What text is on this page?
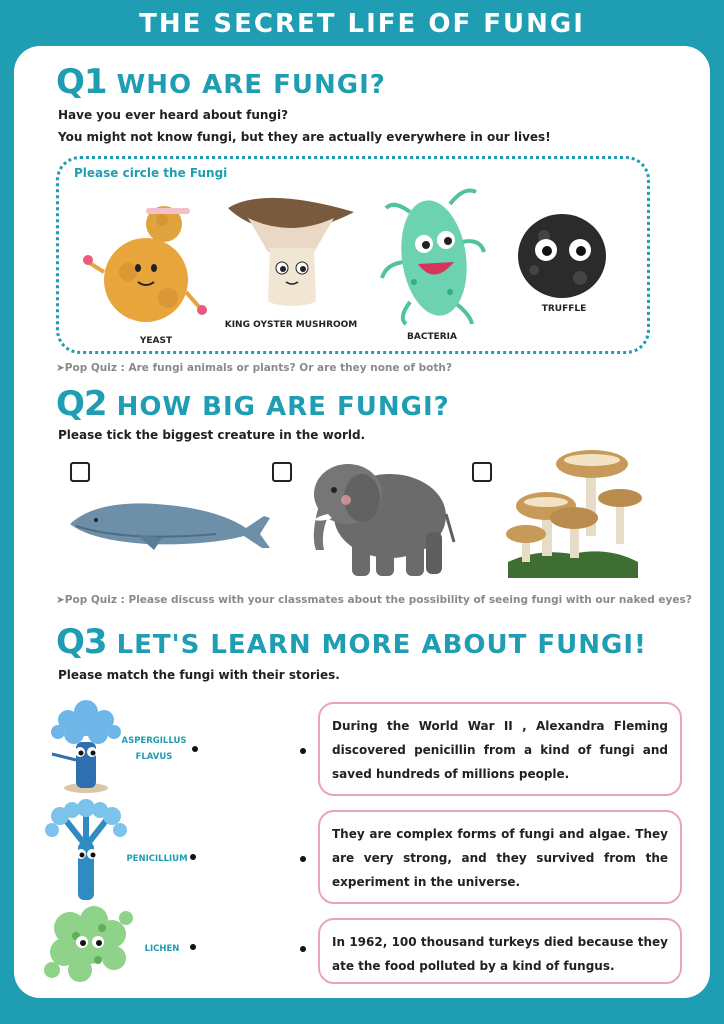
THE SECRET LIFE OF FUNGI
Q1 WHO ARE FUNGI?
Have you ever heard about fungi?
You might not know fungi, but they are actually everywhere in our lives!
Please circle the Fungi
YEAST
KING OYSTER MUSHROOM
BACTERIA
TRUFFLE
➤Pop Quiz : Are fungi animals or plants? Or are they none of both?
Q2 HOW BIG ARE FUNGI?
Please tick the biggest creature in the world.
➤Pop Quiz : Please discuss with your classmates about the possibility of seeing fungi with our naked eyes?
Q3 LET'S LEARN MORE ABOUT FUNGI!
Please match the fungi with their stories.
ASPERGILLUS
FLAVUS
PENICILLIUM
LICHEN
During the World War II , Alexandra Fleming discovered penicillin from a kind of fungi and saved hundreds of millions people.
They are complex forms of fungi and algae. They are very strong, and they survived from the experiment in the universe.
In 1962, 100 thousand turkeys died because they ate the food polluted by a kind of fungus.
